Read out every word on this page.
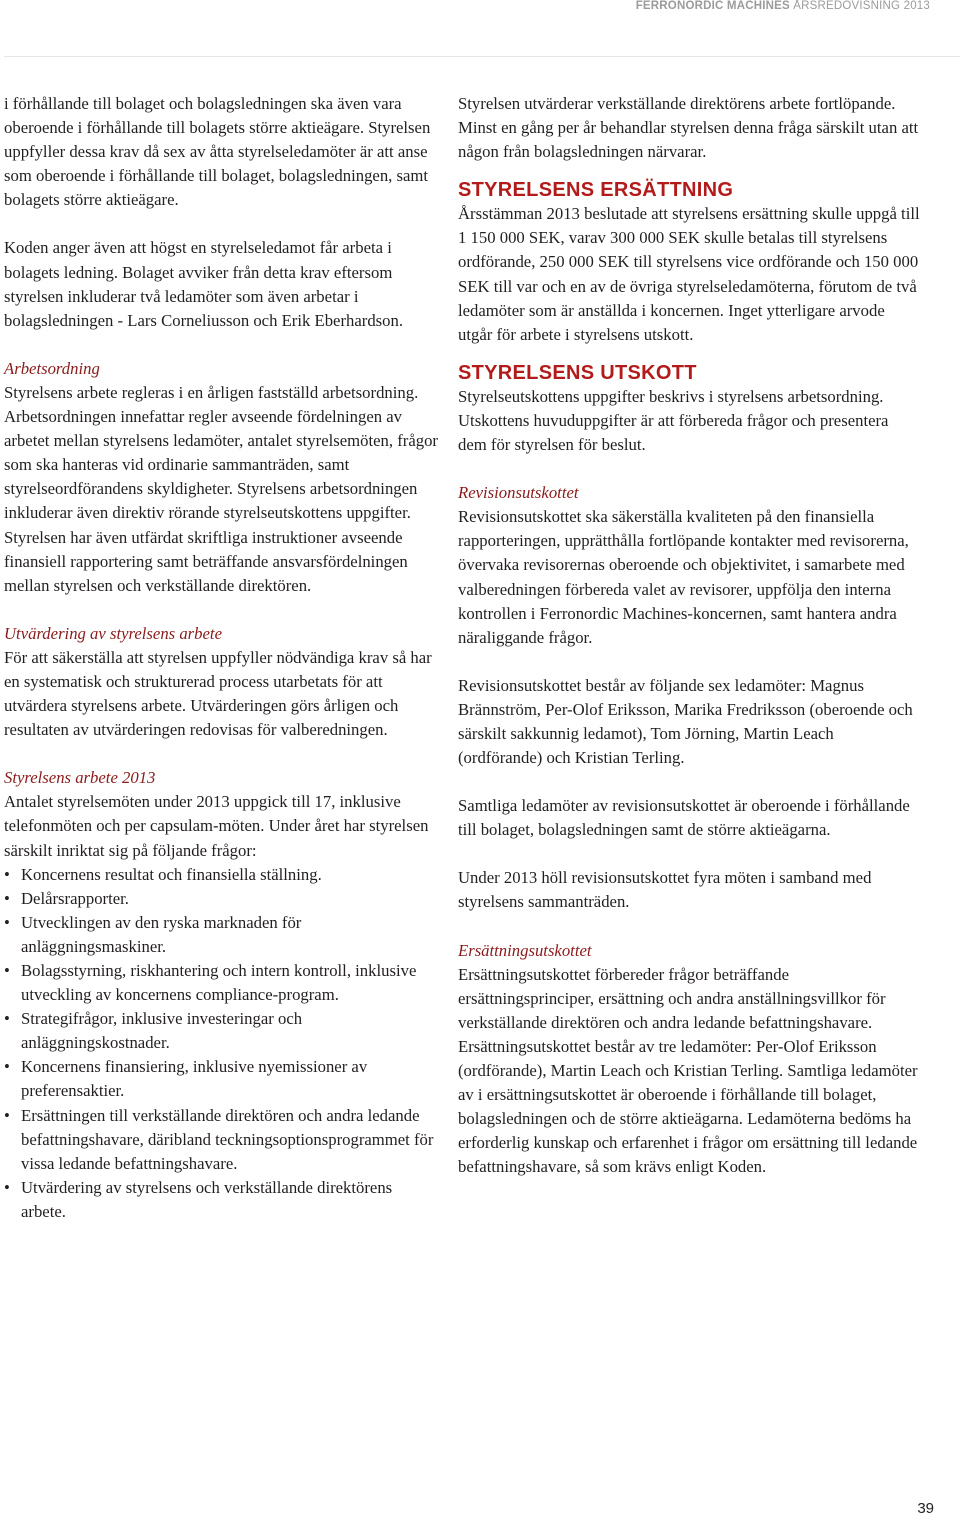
FERRONORDIC MACHINES ÅRSREDOVISNING 2013

i förhållande till bolaget och bolagsledningen ska även vara oberoende i förhållande till bolagets större aktieägare. Styrelsen uppfyller dessa krav då sex av åtta styrelseledamöter är att anse som oberoende i förhållande till bolaget, bolagsledningen, samt bolagets större aktieägare.

Koden anger även att högst en styrelseledamot får arbeta i bolagets ledning. Bolaget avviker från detta krav eftersom styrelsen inkluderar två ledamöter som även arbetar i bolagsledningen - Lars Corneliusson och Erik Eberhardson.

Arbetsordning

Styrelsens arbete regleras i en årligen fastställd arbetsordning. Arbetsordningen innefattar regler avseende fördelningen av arbetet mellan styrelsens ledamöter, antalet styrelsemöten, frågor som ska hanteras vid ordinarie sammanträden, samt styrelseordförandens skyldigheter. Styrelsens arbetsordningen inkluderar även direktiv rörande styrelseutskottens uppgifter. Styrelsen har även utfärdat skriftliga instruktioner avseende finansiell rapportering samt beträffande ansvarsfördelningen mellan styrelsen och verkställande direktören.

Utvärdering av styrelsens arbete

För att säkerställa att styrelsen uppfyller nödvändiga krav så har en systematisk och strukturerad process utarbetats för att utvärdera styrelsens arbete. Utvärderingen görs årligen och resultaten av utvärderingen redovisas för valberedningen.

Styrelsens arbete 2013

Antalet styrelsemöten under 2013 uppgick till 17, inklusive telefonmöten och per capsulam-möten. Under året har styrelsen särskilt inriktat sig på följande frågor:

• Koncernens resultat och finansiella ställning.
• Delårsrapporter.
• Utvecklingen av den ryska marknaden för anläggningsmaskiner.
• Bolagsstyrning, riskhantering och intern kontroll, inklusive utveckling av koncernens compliance-program.
• Strategifrågor, inklusive investeringar och anläggningskostnader.
• Koncernens finansiering, inklusive nyemissioner av preferensaktier.
• Ersättningen till verkställande direktören och andra ledande befattningshavare, däribland teckningsoptionsprogrammet för vissa ledande befattningshavare.
• Utvärdering av styrelsens och verkställande direktörens arbete.

Styrelsen utvärderar verkställande direktörens arbete fortlöpande. Minst en gång per år behandlar styrelsen denna fråga särskilt utan att någon från bolagsledningen närvarar.

STYRELSENS ERSÄTTNING

Årsstämman 2013 beslutade att styrelsens ersättning skulle uppgå till 1 150 000 SEK, varav 300 000 SEK skulle betalas till styrelsens ordförande, 250 000 SEK till styrelsens vice ordförande och 150 000 SEK till var och en av de övriga styrelseledamöterna, förutom de två ledamöter som är anställda i koncernen. Inget ytterligare arvode utgår för arbete i styrelsens utskott.

STYRELSENS UTSKOTT

Styrelseutskottens uppgifter beskrivs i styrelsens arbetsordning. Utskottens huvuduppgifter är att förbereda frågor och presentera dem för styrelsen för beslut.

Revisionsutskottet

Revisionsutskottet ska säkerställa kvaliteten på den finansiella rapporteringen, upprätthålla fortlöpande kontakter med revisorerna, övervaka revisorernas oberoende och objektivitet, i samarbete med valberedningen förbereda valet av revisorer, uppfölja den interna kontrollen i Ferronordic Machines-koncernen, samt hantera andra näraliggande frågor.

Revisionsutskottet består av följande sex ledamöter: Magnus Brännström, Per-Olof Eriksson, Marika Fredriksson (oberoende och särskilt sakkunnig ledamot), Tom Jörning, Martin Leach (ordförande) och Kristian Terling.

Samtliga ledamöter av revisionsutskottet är oberoende i förhållande till bolaget, bolagsledningen samt de större aktieägarna.

Under 2013 höll revisionsutskottet fyra möten i samband med styrelsens sammanträden.

Ersättningsutskottet

Ersättningsutskottet förbereder frågor beträffande ersättningsprinciper, ersättning och andra anställningsvillkor för verkställande direktören och andra ledande befattningshavare. Ersättningsutskottet består av tre ledamöter: Per-Olof Eriksson (ordförande), Martin Leach och Kristian Terling. Samtliga ledamöter av i ersättningsutskottet är oberoende i förhållande till bolaget, bolagsledningen och de större aktieägarna. Ledamöterna bedöms ha erforderlig kunskap och erfarenhet i frågor om ersättning till ledande befattningshavare, så som krävs enligt Koden.

39
